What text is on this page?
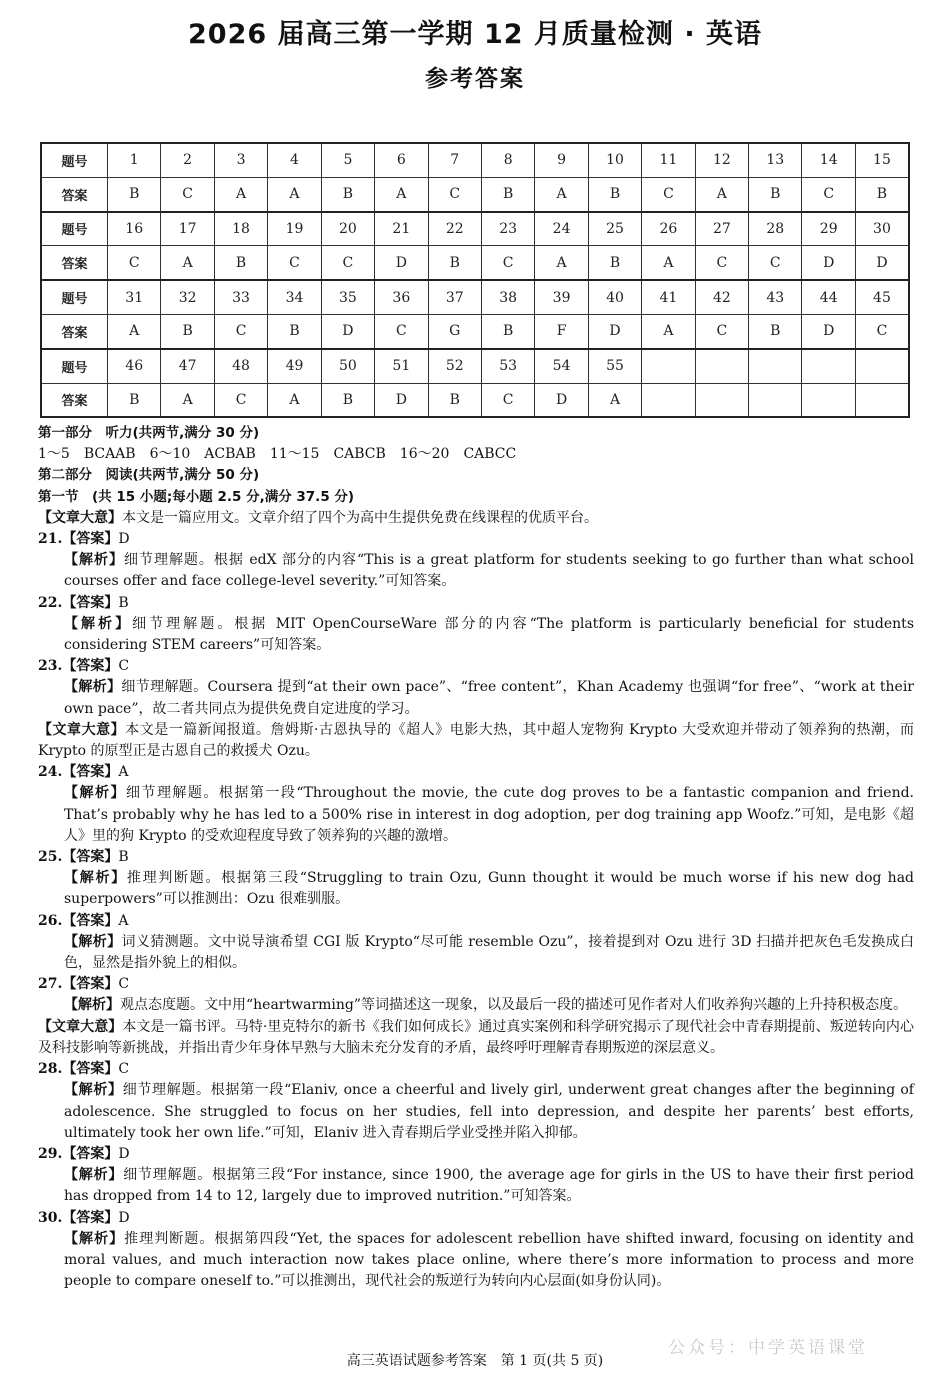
2026 届高三第一学期 12 月质量检测 · 英语
参考答案
题号	1	2	3	4	5	6	7	8	9	10	11	12	13	14	15
答案	B	C	A	A	B	A	C	B	A	B	C	A	B	C	B
题号	16	17	18	19	20	21	22	23	24	25	26	27	28	29	30
答案	C	A	B	C	C	D	B	C	A	B	A	C	C	D	D
题号	31	32	33	34	35	36	37	38	39	40	41	42	43	44	45
答案	A	B	C	B	D	C	G	B	F	D	A	C	B	D	C
题号	46	47	48	49	50	51	52	53	54	55					
答案	B	A	C	A	B	D	B	C	D	A					
第一部分　听力(共两节,满分 30 分)
1～5　BCAAB　6～10　ACBAB　11～15　CABCB　16～20　CABCC
第二部分　阅读(共两节,满分 50 分)
第一节　(共 15 小题;每小题 2.5 分,满分 37.5 分)

【文章大意】本文是一篇应用文。文章介绍了四个为高中生提供免费在线课程的优质平台。

21.【答案】D

【解析】细节理解题。根据 edX 部分的内容“This is a great platform for students seeking to go further than what school courses offer and face college-level severity.”可知答案。

22.【答案】B

【解析】细节理解题。根据 MIT OpenCourseWare 部分的内容“The platform is particularly beneficial for students considering STEM careers”可知答案。

23.【答案】C

【解析】细节理解题。Coursera 提到“at their own pace”、“free content”，Khan Academy 也强调“for free”、“work at their own pace”，故二者共同点为提供免费自定进度的学习。

【文章大意】本文是一篇新闻报道。詹姆斯·古恩执导的《超人》电影大热，其中超人宠物狗 Krypto 大受欢迎并带动了领养狗的热潮，而 Krypto 的原型正是古恩自己的救援犬 Ozu。

24.【答案】A

【解析】细节理解题。根据第一段“Throughout the movie, the cute dog proves to be a fantastic companion and friend. That’s probably why he has led to a 500% rise in interest in dog adoption, per dog training app Woofz.”可知，是电影《超人》里的狗 Krypto 的受欢迎程度导致了领养狗的兴趣的激增。

25.【答案】B

【解析】推理判断题。根据第三段“Struggling to train Ozu, Gunn thought it would be much worse if his new dog had superpowers”可以推测出：Ozu 很难驯服。

26.【答案】A

【解析】词义猜测题。文中说导演希望 CGI 版 Krypto“尽可能 resemble Ozu”，接着提到对 Ozu 进行 3D 扫描并把灰色毛发换成白色，显然是指外貌上的相似。

27.【答案】C

【解析】观点态度题。文中用“heartwarming”等词描述这一现象，以及最后一段的描述可见作者对人们收养狗兴趣的上升持积极态度。

【文章大意】本文是一篇书评。马特·里克特尔的新书《我们如何成长》通过真实案例和科学研究揭示了现代社会中青春期提前、叛逆转向内心及科技影响等新挑战，并指出青少年身体早熟与大脑未充分发育的矛盾，最终呼吁理解青春期叛逆的深层意义。

28.【答案】C

【解析】细节理解题。根据第一段“Elaniv, once a cheerful and lively girl, underwent great changes after the beginning of adolescence. She struggled to focus on her studies, fell into depression, and despite her parents’ best efforts, ultimately took her own life.”可知，Elaniv 进入青春期后学业受挫并陷入抑郁。

29.【答案】D

【解析】细节理解题。根据第三段“For instance, since 1900, the average age for girls in the US to have their first period has dropped from 14 to 12, largely due to improved nutrition.”可知答案。

30.【答案】D

【解析】推理判断题。根据第四段“Yet, the spaces for adolescent rebellion have shifted inward, focusing on identity and moral values, and much interaction now takes place online, where there’s more information to process and more people to compare oneself to.”可以推测出，现代社会的叛逆行为转向内心层面(如身份认同)。

公众号：中学英语课堂
高三英语试题参考答案　第 1 页(共 5 页)
